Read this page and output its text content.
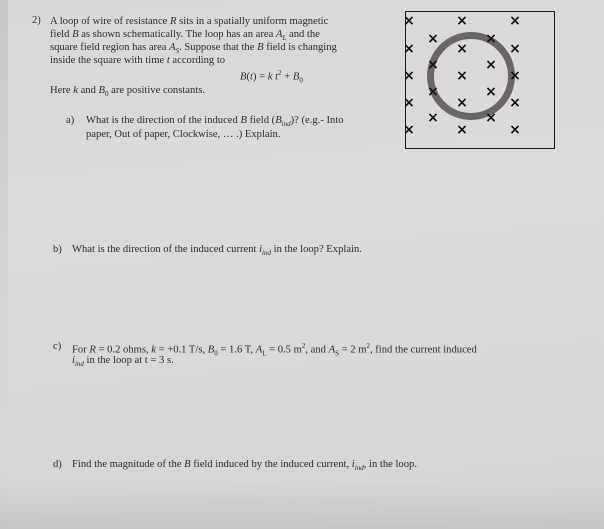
2) A loop of wire of resistance R sits in a spatially uniform magnetic
field B as shown schematically. The loop has an area $A_L$ and the
square field region has area $A_S$. Suppose that the B field is changing
inside the square with time t according to
B(t) = k $t^2 + B_0$
Here k and $B_0$ are positive constants.
a) What is the direction of the induced B field $(B_{ind})$? (e.g.- Into
paper, Out of paper, Clockwise, … .) Explain.
b) What is the direction of the induced current $i_{ind}$ in the loop? Explain.
c) For R = 0.2 ohms, k = +0.1 T/s, $B_0 = 1.6$ T, $A_L = 0.5$ $m^2$, and $A_S = 2$ $m^2$, find the current induced
$i_{ind}$ in the loop at t = 3 s.
d) Find the magnitude of the B field induced by the induced current, $i_{ind}$, in the loop.
×	×	×
×
×
×
×
×
×
×
×
×
×
×
×
×
×
×
×
×
×
×
×
